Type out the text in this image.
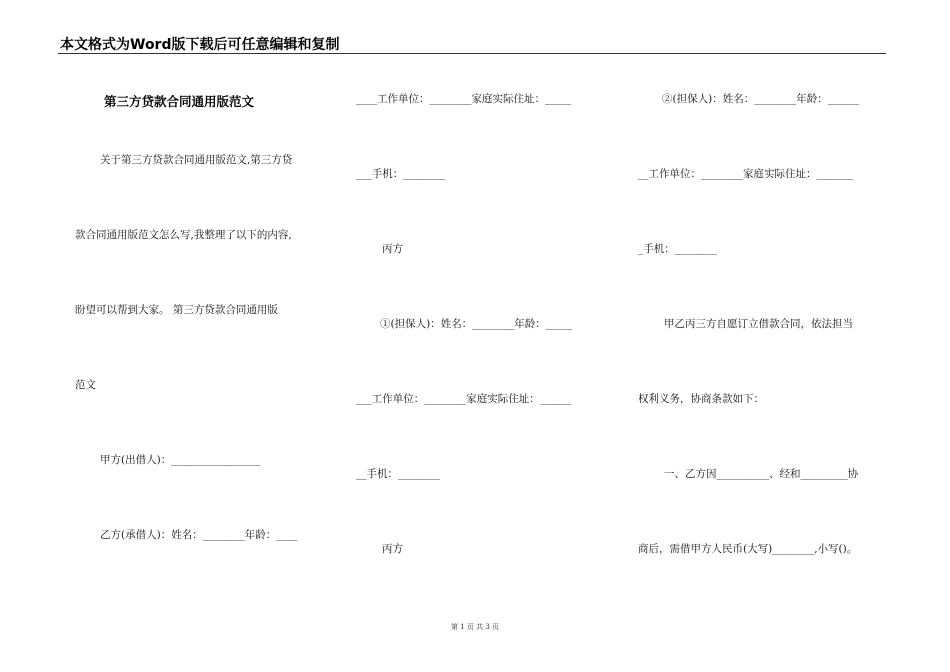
本文格式为Word版下载后可任意编辑和复制
第三方贷款合同通用版范文
关于第三方贷款合同通用版范文,第三方贷
款合同通用版范文怎么写,我整理了以下的内容,
盼望可以帮到大家。 第三方贷款合同通用版
范文
甲方(出借人)：_________________
乙方(承借人)：姓名：________年龄：____
____工作单位：________家庭实际住址：_____
___手机：________
丙方
①(担保人)：姓名：________年龄：_____
___工作单位：________家庭实际住址：______
__手机：________
丙方
②(担保人)：姓名：________年龄：______
__工作单位：________家庭实际住址：_______
_手机：________
甲乙丙三方自愿订立借款合同，依法担当
权利义务，协商条款如下：
一、乙方因__________、经和_________协
商后，需借甲方人民币(大写)________,小写()。
第 1 页 共 3 页
